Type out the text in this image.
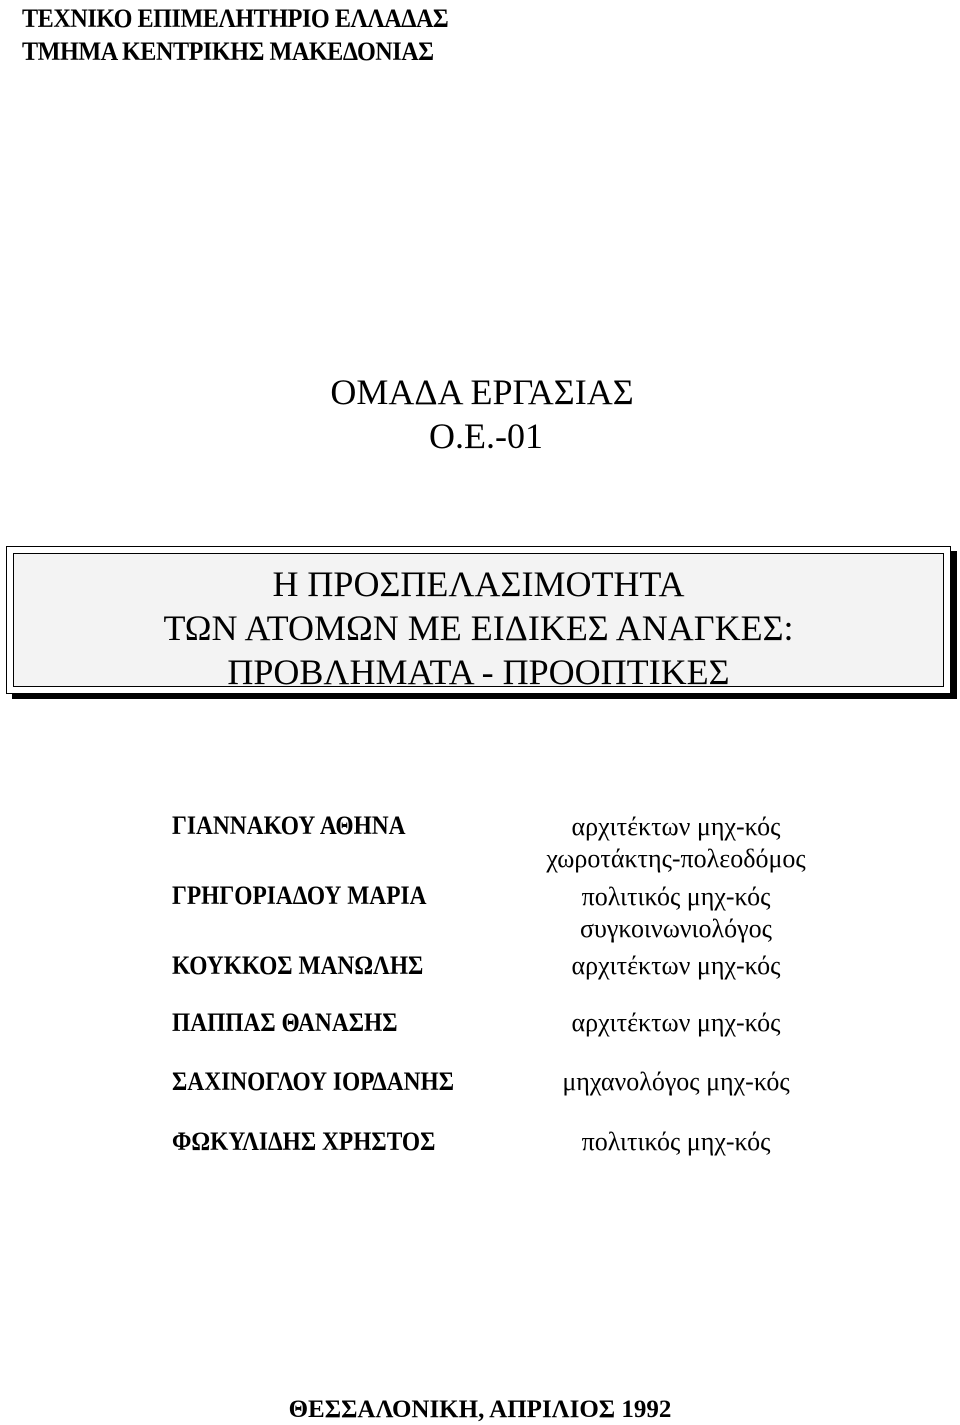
ΤΕΧΝΙΚΟ ΕΠΙΜΕΛΗΤΗΡΙΟ ΕΛΛΑΔΑΣ
ΤΜΗΜΑ ΚΕΝΤΡΙΚΗΣ ΜΑΚΕΔΟΝΙΑΣ
ΟΜΑΔΑ ΕΡΓΑΣΙΑΣ
Ο.Ε.-01
Η ΠΡΟΣΠΕΛΑΣΙΜΟΤΗΤΑ
ΤΩΝ ΑΤΟΜΩΝ ΜΕ ΕΙΔΙΚΕΣ ΑΝΑΓΚΕΣ:
ΠΡΟΒΛΗΜΑΤΑ - ΠΡΟΟΠΤΙΚΕΣ
ΓΙΑΝΝΑΚΟΥ ΑΘΗΝΑ	αρχιτέκτων μηχ-κός
χωροτάκτης-πολεοδόμος
ΓΡΗΓΟΡΙΑΔΟΥ ΜΑΡΙΑ	πολιτικός μηχ-κός
συγκοινωνιολόγος
ΚΟΥΚΚΟΣ ΜΑΝΩΛΗΣ	αρχιτέκτων μηχ-κός
ΠΑΠΠΑΣ ΘΑΝΑΣΗΣ	αρχιτέκτων μηχ-κός
ΣΑΧΙΝΟΓΛΟΥ ΙΟΡΔΑΝΗΣ	μηχανολόγος μηχ-κός
ΦΩΚΥΛΙΔΗΣ ΧΡΗΣΤΟΣ	πολιτικός μηχ-κός
ΘΕΣΣΑΛΟΝΙΚΗ, ΑΠΡΙΛΙΟΣ 1992
